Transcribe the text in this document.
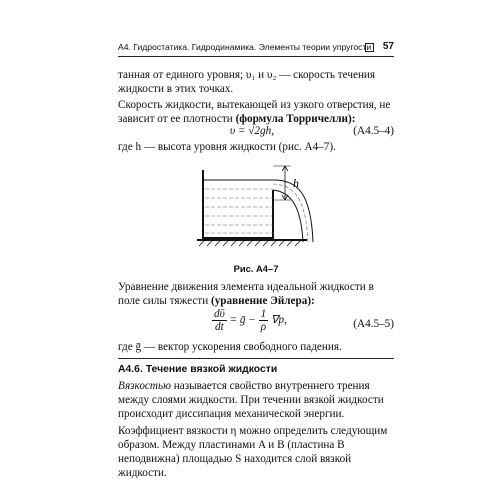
А4. Гидростатика. Гидродинамика. Элементы теории упругости 57

танная от единого уровня; υ₁ и υ₂ — скорость течения жидкости в этих точках.

Скорость жидкости, вытекающей из узкого отверстия, не зависит от ее плотности (формула Торричелли):

υ = √2gh,	(A4.5–4)

где h — высота уровня жидкости (рис. A4–7).

h
Рис. A4–7

Уравнение движения элемента идеальной жидкости в поле силы тяжести (уравнение Эйлера):

$\frac{\text{dῡ}}{dt}$ = ḡ − $\frac{1}{\rho} \nabla p$,	(A4.5–5)

где ḡ — вектор ускорения свободного падения.

A4.6. Течение вязкой жидкости

Вязкостью называется свойство внутреннего трения между слоями жидкости. При течении вязкой жидкости происходит диссипация механической энергии.

Коэффициент вязкости η можно определить следующим образом. Между пластинами A и B (пластина B неподвижна) площадью S находится слой вязкой жидкости.
